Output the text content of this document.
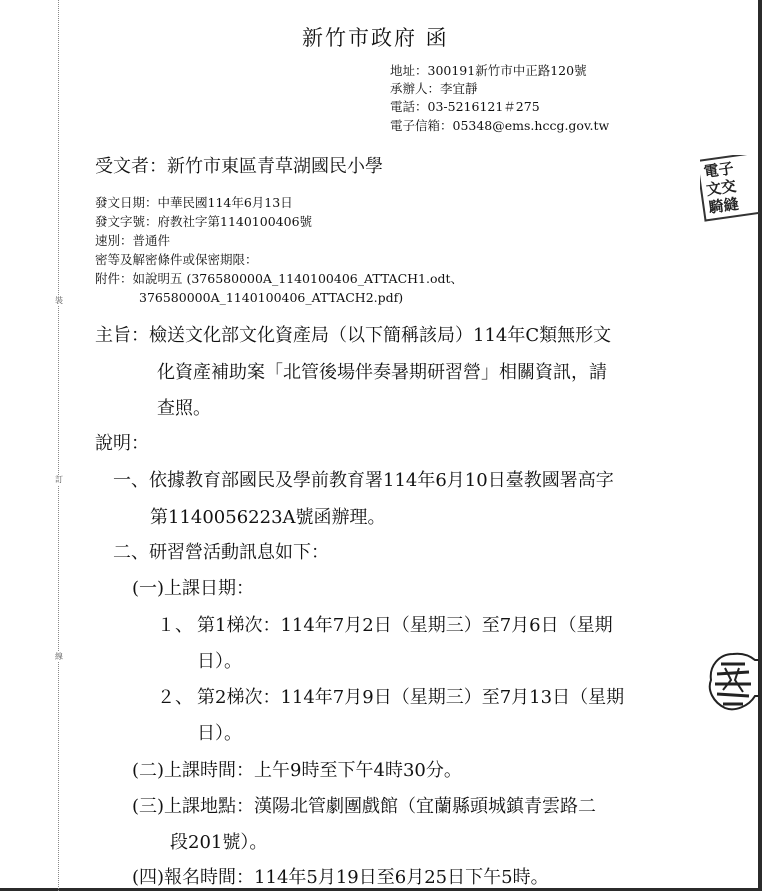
裝
訂
線
新竹市政府 函
地址：300191新竹市中正路120號
承辦人：李宜靜
電話：03-5216121＃275
電子信箱：05348@ems.hccg.gov.tw
受文者：新竹市東區青草湖國民小學
發文日期：中華民國114年6月13日
發文字號：府教社字第1140100406號
速別：普通件
密等及解密條件或保密期限：
附件：如說明五 (376580000A_1140100406_ATTACH1.odt、
376580000A_1140100406_ATTACH2.pdf)
主旨：檢送文化部文化資產局（以下簡稱該局）114年C類無形文
化資產補助案「北管後場伴奏暑期研習營」相關資訊，請
查照。
說明：
一、依據教育部國民及學前教育署114年6月10日臺教國署高字
第1140056223A號函辦理。
二、研習營活動訊息如下：
(一)上課日期：
１、 第1梯次：114年7月2日（星期三）至7月6日（星期
日）。
２、 第2梯次：114年7月9日（星期三）至7月13日（星期
日）。
(二)上課時間：上午9時至下午4時30分。
(三)上課地點：漢陽北管劇團戲館（宜蘭縣頭城鎮青雲路二
段201號）。
(四)報名時間：114年5月19日至6月25日下午5時。
電子
文交
騎縫
